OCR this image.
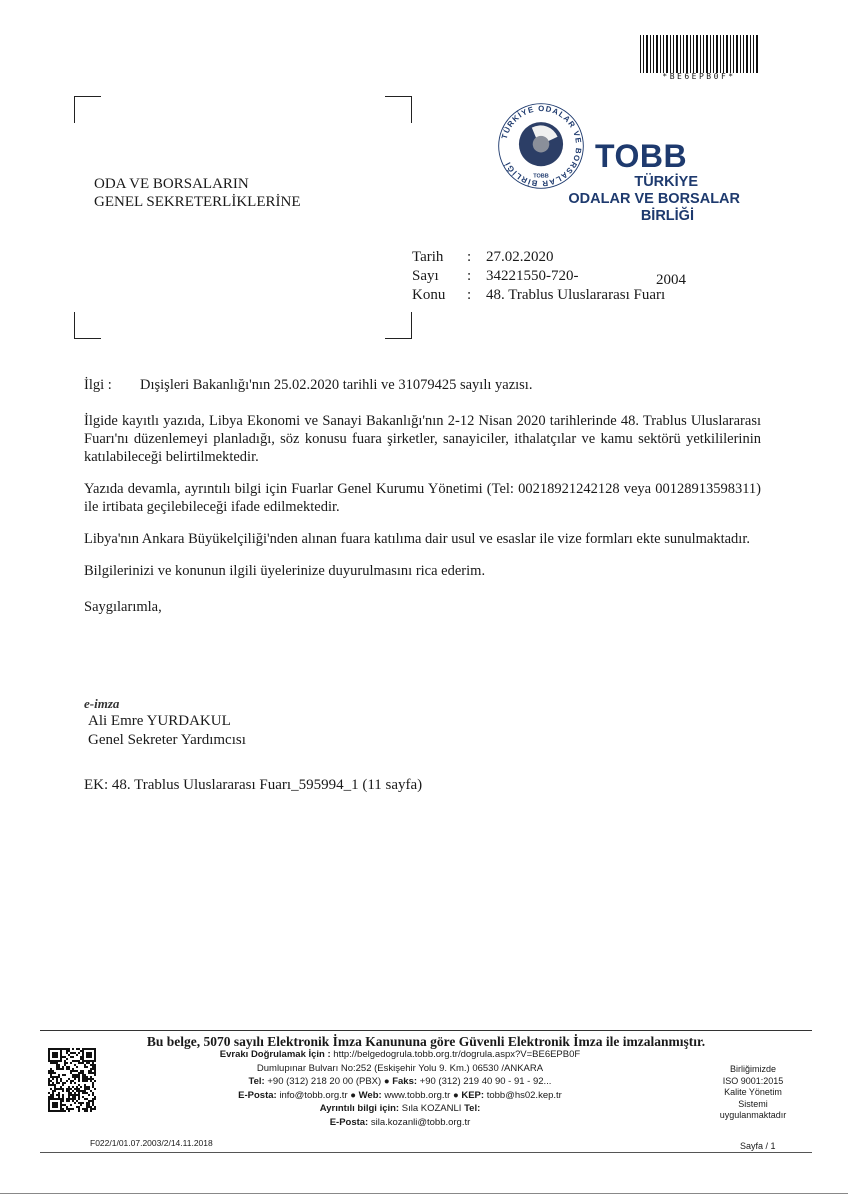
*BE6EPB0F*
ODA VE BORSALARIN
GENEL SEKRETERLİKLERİNE
TÜRKİYE ODALAR VE BORSALAR BİRLİĞİ
TOBB
TOBB
TÜRKİYE
ODALAR VE BORSALAR
BİRLİĞİ
Tarih : 27.02.2020
Sayı : 34221550-720-
Konu : 48. Trablus Uluslararası Fuarı
2004

İlgi : Dışişleri Bakanlığı'nın 25.02.2020 tarihli ve 31079425 sayılı yazısı.

İlgide kayıtlı yazıda, Libya Ekonomi ve Sanayi Bakanlığı'nın 2-12 Nisan 2020 tarihlerinde 48. Trablus Uluslararası Fuarı'nı düzenlemeyi planladığı, söz konusu fuara şirketler, sanayiciler, ithalatçılar ve kamu sektörü yetkililerinin katılabileceği belirtilmektedir.

Yazıda devamla, ayrıntılı bilgi için Fuarlar Genel Kurumu Yönetimi (Tel: 00218921242128 veya 00128913598311) ile irtibata geçilebileceği ifade edilmektedir.

Libya'nın Ankara Büyükelçiliği'nden alınan fuara katılıma dair usul ve esaslar ile vize formları ekte sunulmaktadır.

Bilgilerinizi ve konunun ilgili üyelerinize duyurulmasını rica ederim.

Saygılarımla,

e-imza
Ali Emre YURDAKUL
Genel Sekreter Yardımcısı
EK: 48. Trablus Uluslararası Fuarı_595994_1 (11 sayfa)
Bu belge, 5070 sayılı Elektronik İmza Kanununa göre Güvenli Elektronik İmza ile imzalanmıştır.
Evrakı Doğrulamak İçin : http://belgedogrula.tobb.org.tr/dogrula.aspx?V=BE6EPB0F
Dumlupınar Bulvarı No:252 (Eskişehir Yolu 9. Km.) 06530 /ANKARA
Tel: +90 (312) 218 20 00 (PBX) ● Faks: +90 (312) 219 40 90 - 91 - 92...
E-Posta: info@tobb.org.tr ● Web: www.tobb.org.tr ● KEP: tobb@hs02.kep.tr
Ayrıntılı bilgi için: Sıla KOZANLI Tel:
E-Posta: sila.kozanli@tobb.org.tr
Birliğimizde
ISO 9001:2015
Kalite Yönetim
Sistemi
uygulanmaktadır
F022/1/01.07.2003/2/14.11.2018	Sayfa / 1
